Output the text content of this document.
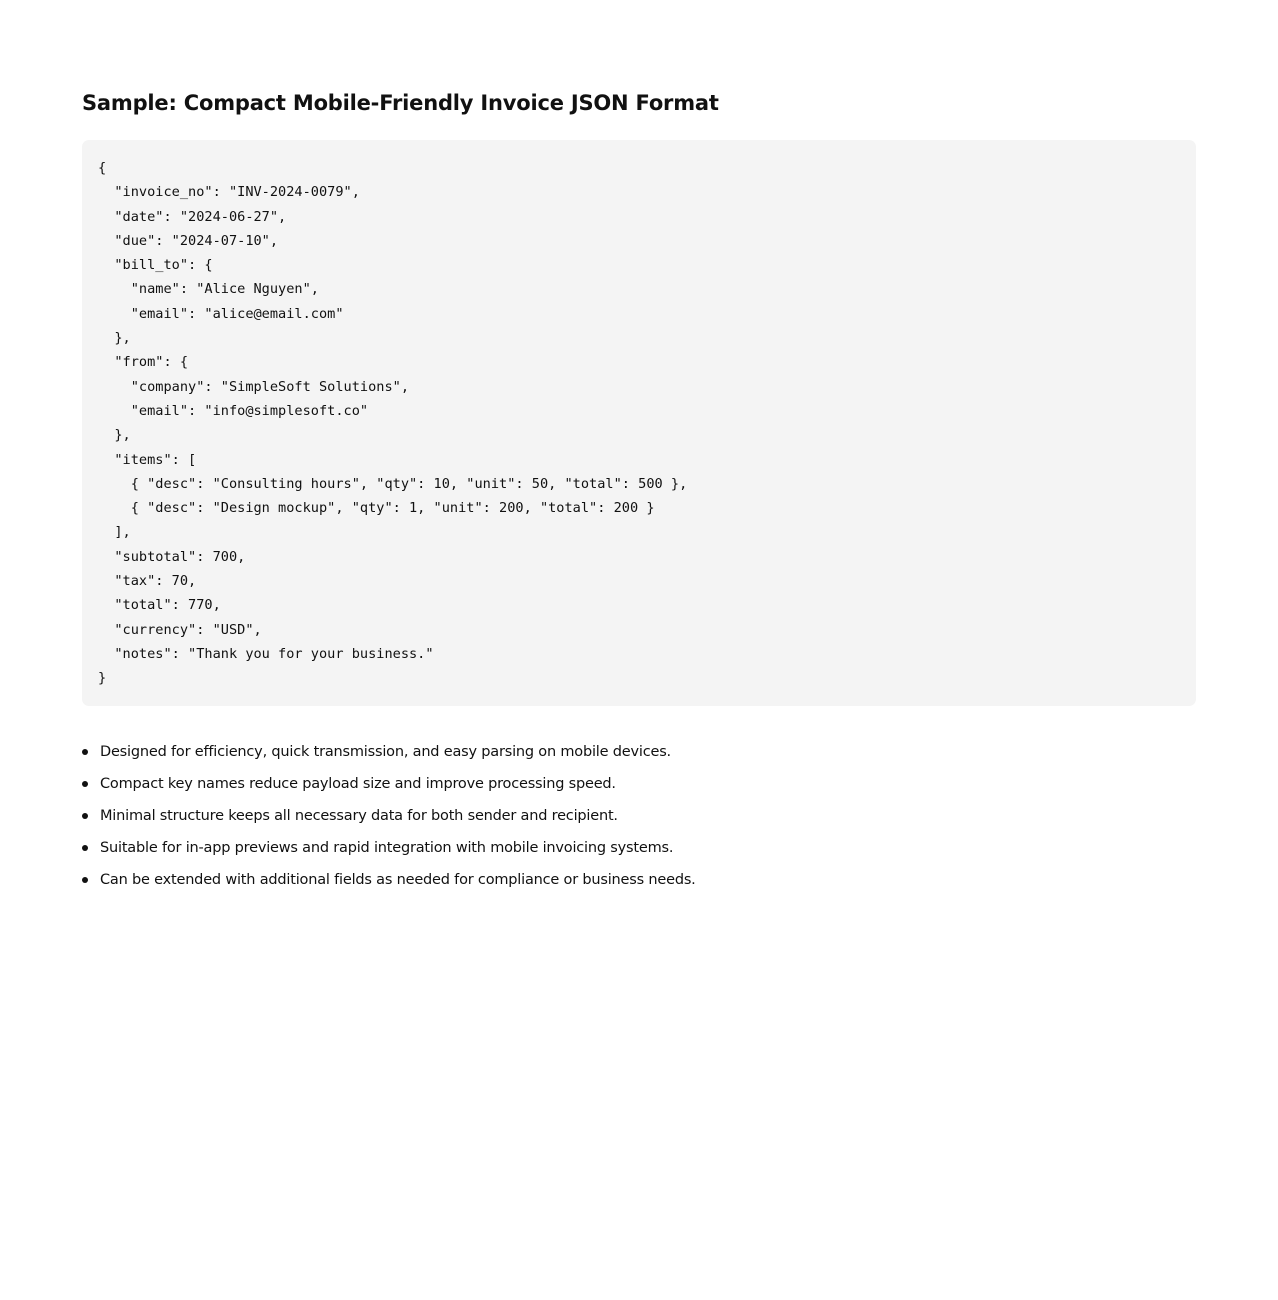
Sample: Compact Mobile-Friendly Invoice JSON Format
{
"invoice_no": "INV-2024-0079",
"date": "2024-06-27",
"due": "2024-07-10",
"bill_to": {
"name": "Alice Nguyen",
"email": "alice@email.com"
},
"from": {
"company": "SimpleSoft Solutions",
"email": "info@simplesoft.co"
},
"items": [
{ "desc": "Consulting hours", "qty": 10, "unit": 50, "total": 500 },
{ "desc": "Design mockup", "qty": 1, "unit": 200, "total": 200 }
],
"subtotal": 700,
"tax": 70,
"total": 770,
"currency": "USD",
"notes": "Thank you for your business."
}
Designed for efficiency, quick transmission, and easy parsing on mobile devices.
Compact key names reduce payload size and improve processing speed.
Minimal structure keeps all necessary data for both sender and recipient.
Suitable for in-app previews and rapid integration with mobile invoicing systems.
Can be extended with additional fields as needed for compliance or business needs.
